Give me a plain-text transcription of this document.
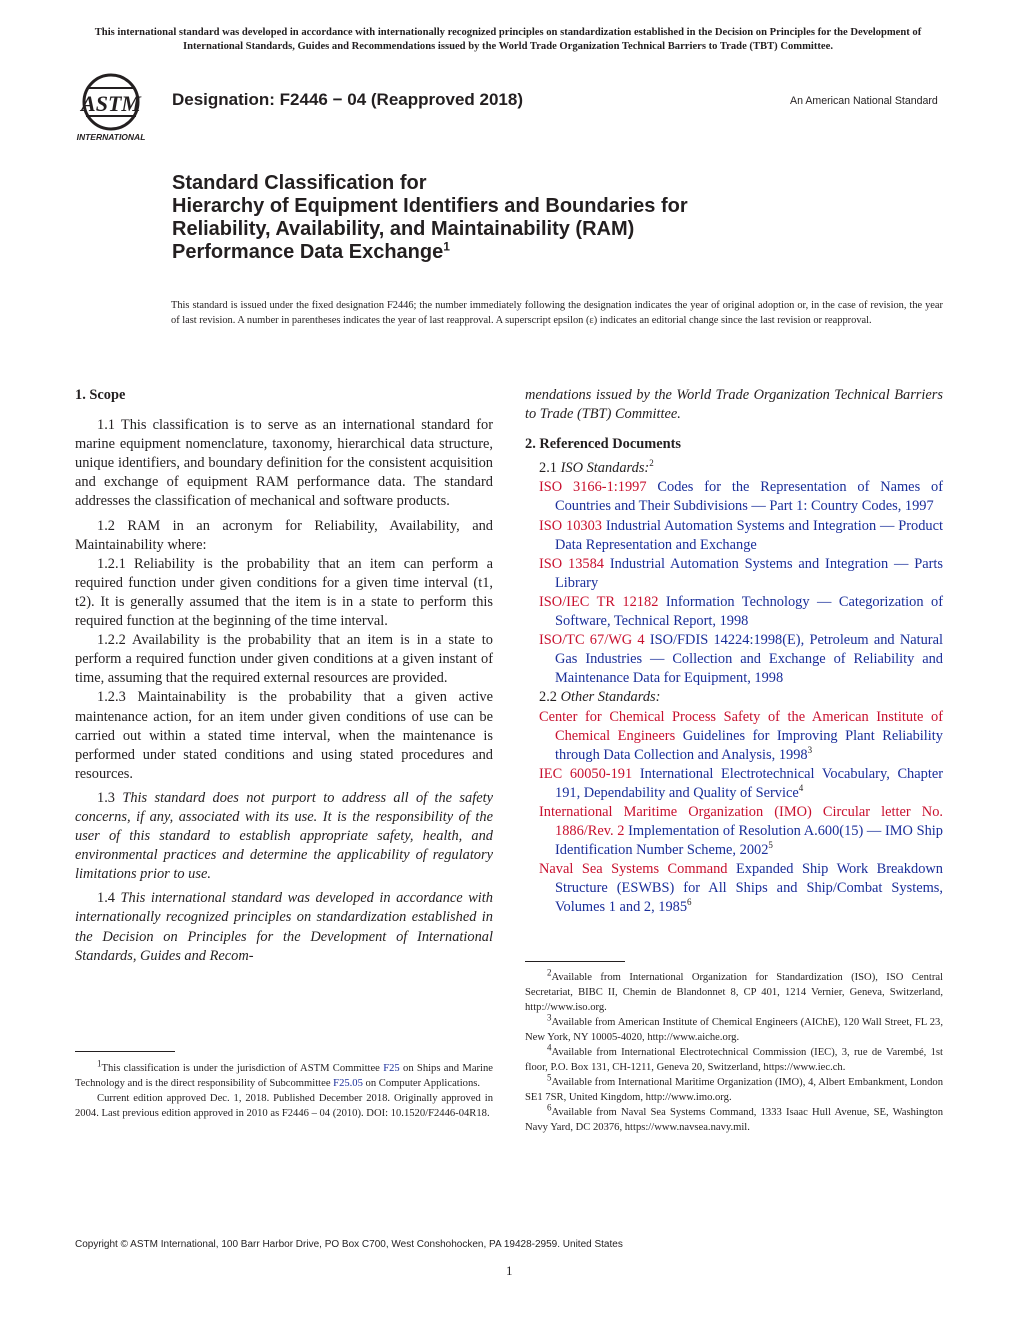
This international standard was developed in accordance with internationally recognized principles on standardization established in the Decision on Principles for the Development of International Standards, Guides and Recommendations issued by the World Trade Organization Technical Barriers to Trade (TBT) Committee.
ASTM
INTERNATIONAL
Designation: F2446 − 04 (Reapproved 2018)	An American National Standard
Standard Classification for
Hierarchy of Equipment Identifiers and Boundaries for
Reliability, Availability, and Maintainability (RAM)
Performance Data Exchange$^1$
This standard is issued under the fixed designation F2446; the number immediately following the designation indicates the year of original adoption or, in the case of revision, the year of last revision. A number in parentheses indicates the year of last reapproval. A superscript epsilon (ε) indicates an editorial change since the last revision or reapproval.
1. Scope

1.1 This classification is to serve as an international standard for marine equipment nomenclature, taxonomy, hierarchical data structure, unique identifiers, and boundary definition for the consistent acquisition and exchange of equipment RAM performance data. The standard addresses the classification of mechanical and software products.

1.2 RAM in an acronym for Reliability, Availability, and Maintainability where:

1.2.1 Reliability is the probability that an item can perform a required function under given conditions for a given time interval (t1, t2). It is generally assumed that the item is in a state to perform this required function at the beginning of the time interval.

1.2.2 Availability is the probability that an item is in a state to perform a required function under given conditions at a given instant of time, assuming that the required external resources are provided.

1.2.3 Maintainability is the probability that a given active maintenance action, for an item under given conditions of use can be carried out within a stated time interval, when the maintenance is performed under stated conditions and using stated procedures and resources.

1.3 This standard does not purport to address all of the safety concerns, if any, associated with its use. It is the responsibility of the user of this standard to establish appropriate safety, health, and environmental practices and determine the applicability of regulatory limitations prior to use.

1.4 This international standard was developed in accordance with internationally recognized principles on standardization established in the Decision on Principles for the Development of International Standards, Guides and Recom-

$^1$This classification is under the jurisdiction of ASTM Committee F25 on Ships and Marine Technology and is the direct responsibility of Subcommittee F25.05 on Computer Applications.

Current edition approved Dec. 1, 2018. Published December 2018. Originally approved in 2004. Last previous edition approved in 2010 as F2446 – 04 (2010). DOI: 10.1520/F2446-04R18.

mendations issued by the World Trade Organization Technical Barriers to Trade (TBT) Committee.

2. Referenced Documents

2.1 ISO Standards:$^2$

ISO 3166-1:1997 Codes for the Representation of Names of Countries and Their Subdivisions — Part 1: Country Codes, 1997

ISO 10303 Industrial Automation Systems and Integration — Product Data Representation and Exchange

ISO 13584 Industrial Automation Systems and Integration — Parts Library

ISO/IEC TR 12182 Information Technology — Categorization of Software, Technical Report, 1998

ISO/TC 67/WG 4 ISO/FDIS 14224:1998(E), Petroleum and Natural Gas Industries — Collection and Exchange of Reliability and Maintenance Data for Equipment, 1998

2.2 Other Standards:

Center for Chemical Process Safety of the American Institute of Chemical Engineers Guidelines for Improving Plant Reliability through Data Collection and Analysis, 1998$^3$

IEC 60050-191 International Electrotechnical Vocabulary, Chapter 191, Dependability and Quality of Service$^4$

International Maritime Organization (IMO) Circular letter No. 1886/Rev. 2 Implementation of Resolution A.600(15) — IMO Ship Identification Number Scheme, 2002$^5$

Naval Sea Systems Command Expanded Ship Work Breakdown Structure (ESWBS) for All Ships and Ship/Combat Systems, Volumes 1 and 2, 1985$^6$

$^2$Available from International Organization for Standardization (ISO), ISO Central Secretariat, BIBC II, Chemin de Blandonnet 8, CP 401, 1214 Vernier, Geneva, Switzerland, http://www.iso.org.

$^3$Available from American Institute of Chemical Engineers (AIChE), 120 Wall Street, FL 23, New York, NY 10005-4020, http://www.aiche.org.

$^4$Available from International Electrotechnical Commission (IEC), 3, rue de Varembé, 1st floor, P.O. Box 131, CH-1211, Geneva 20, Switzerland, https://www.iec.ch.

$^5$Available from International Maritime Organization (IMO), 4, Albert Embankment, London SE1 7SR, United Kingdom, http://www.imo.org.

$^6$Available from Naval Sea Systems Command, 1333 Isaac Hull Avenue, SE, Washington Navy Yard, DC 20376, https://www.navsea.navy.mil.

Copyright © ASTM International, 100 Barr Harbor Drive, PO Box C700, West Conshohocken, PA 19428-2959. United States
1
